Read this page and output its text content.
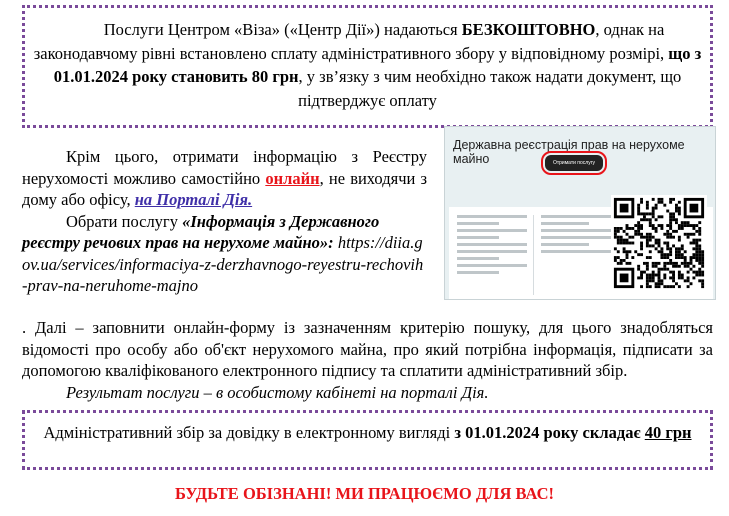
  Послуги Центром «Віза» («Центр Дії») надаються БЕЗКОШТОВНО, однак на законодавчому рівні встановлено сплату адміністративного збору у відповідному розмірі, що з 01.01.2024 року становить 80 грн, у зв’язку з чим необхідно також надати документ, що підтверджує оплату

Крім цього, отримати інформацію з Реєстру нерухомості можливо самостійно онлайн, не виходячи з дому або офісу, на Порталі Дія.

Обрати послугу «Інформація з Державного реєстру речових прав на нерухоме майно»: https://diia.gov.ua/services/informaciya-z-derzhavnogo-reyestru-rechovih-prav-na-neruhome-majno

. Далі – заповнити онлайн-форму із зазначенням критерію пошуку, для цього знадобляться відомості про особу або об'єкт нерухомого майна, про який потрібна інформація, підписати за допомогою кваліфікованого електронного підпису та сплатити адміністративний збір.

Результат послуги – в особистому кабінеті на порталі Дія.

Державна реєстрація прав на нерухоме майно	Отримати послугу

Адміністративний збір за довідку в електронному вигляді з 01.01.2024 року складає 40 грн

БУДЬТЕ ОБІЗНАНІ! МИ ПРАЦЮЄМО ДЛЯ ВАС!
